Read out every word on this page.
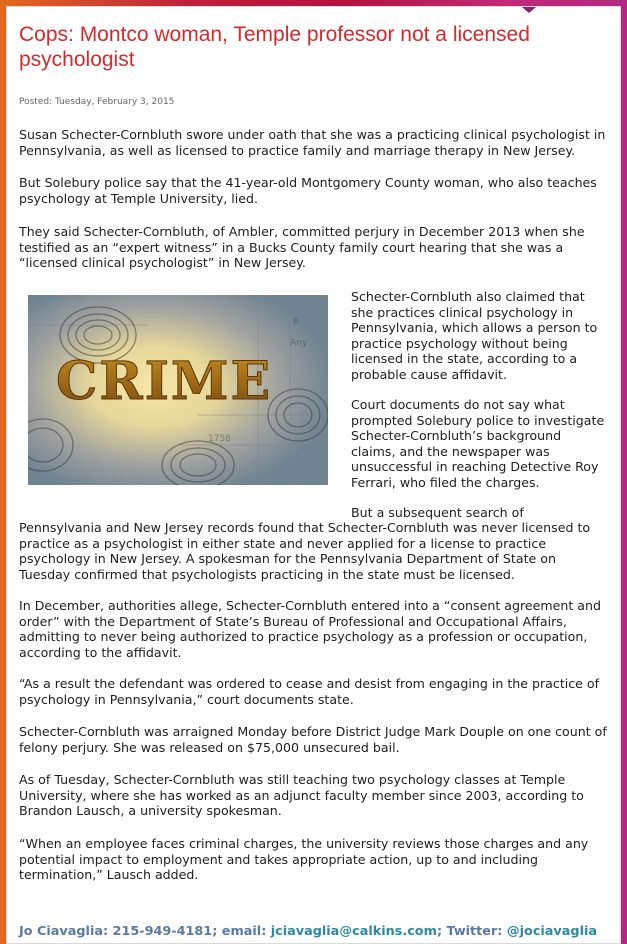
Cops: Montco woman, Temple professor not a licensed psychologist
Posted: Tuesday, February 3, 2015

Susan Schecter-Cornbluth swore under oath that she was a practicing clinical psychologist in Pennsylvania, as well as licensed to practice family and marriage therapy in New Jersey.

But Solebury police say that the 41-year-old Montgomery County woman, who also teaches psychology at Temple University, lied.

They said Schecter-Cornbluth, of Ambler, committed perjury in December 2013 when she testified as an “expert witness” in a Bucks County family court hearing that she was a “licensed clinical psychologist” in New Jersey.

P.
Any
1758
CRIME

Schecter-Cornbluth also claimed that she practices clinical psychology in Pennsylvania, which allows a person to practice psychology without being licensed in the state, according to a probable cause affidavit.

Court documents do not say what prompted Solebury police to investigate Schecter-Cornbluth’s background claims, and the newspaper was unsuccessful in reaching Detective Roy Ferrari, who filed the charges.

But a subsequent search of

Pennsylvania and New Jersey records found that Schecter-Cornbluth was never licensed to practice as a psychologist in either state and never applied for a license to practice psychology in New Jersey. A spokesman for the Pennsylvania Department of State on Tuesday confirmed that psychologists practicing in the state must be licensed.

In December, authorities allege, Schecter-Cornbluth entered into a “consent agreement and order” with the Department of State’s Bureau of Professional and Occupational Affairs, admitting to never being authorized to practice psychology as a profession or occupation, according to the affidavit.

“As a result the defendant was ordered to cease and desist from engaging in the practice of psychology in Pennsylvania,” court documents state.

Schecter-Cornbluth was arraigned Monday before District Judge Mark Douple on one count of felony perjury. She was released on $75,000 unsecured bail.

As of Tuesday, Schecter-Cornbluth was still teaching two psychology classes at Temple University, where she has worked as an adjunct faculty member since 2003, according to Brandon Lausch, a university spokesman.

“When an employee faces criminal charges, the university reviews those charges and any potential impact to employment and takes appropriate action, up to and including termination,” Lausch added.

Jo Ciavaglia: 215-949-4181; email: jciavaglia@calkins.com; Twitter: @jociavaglia
